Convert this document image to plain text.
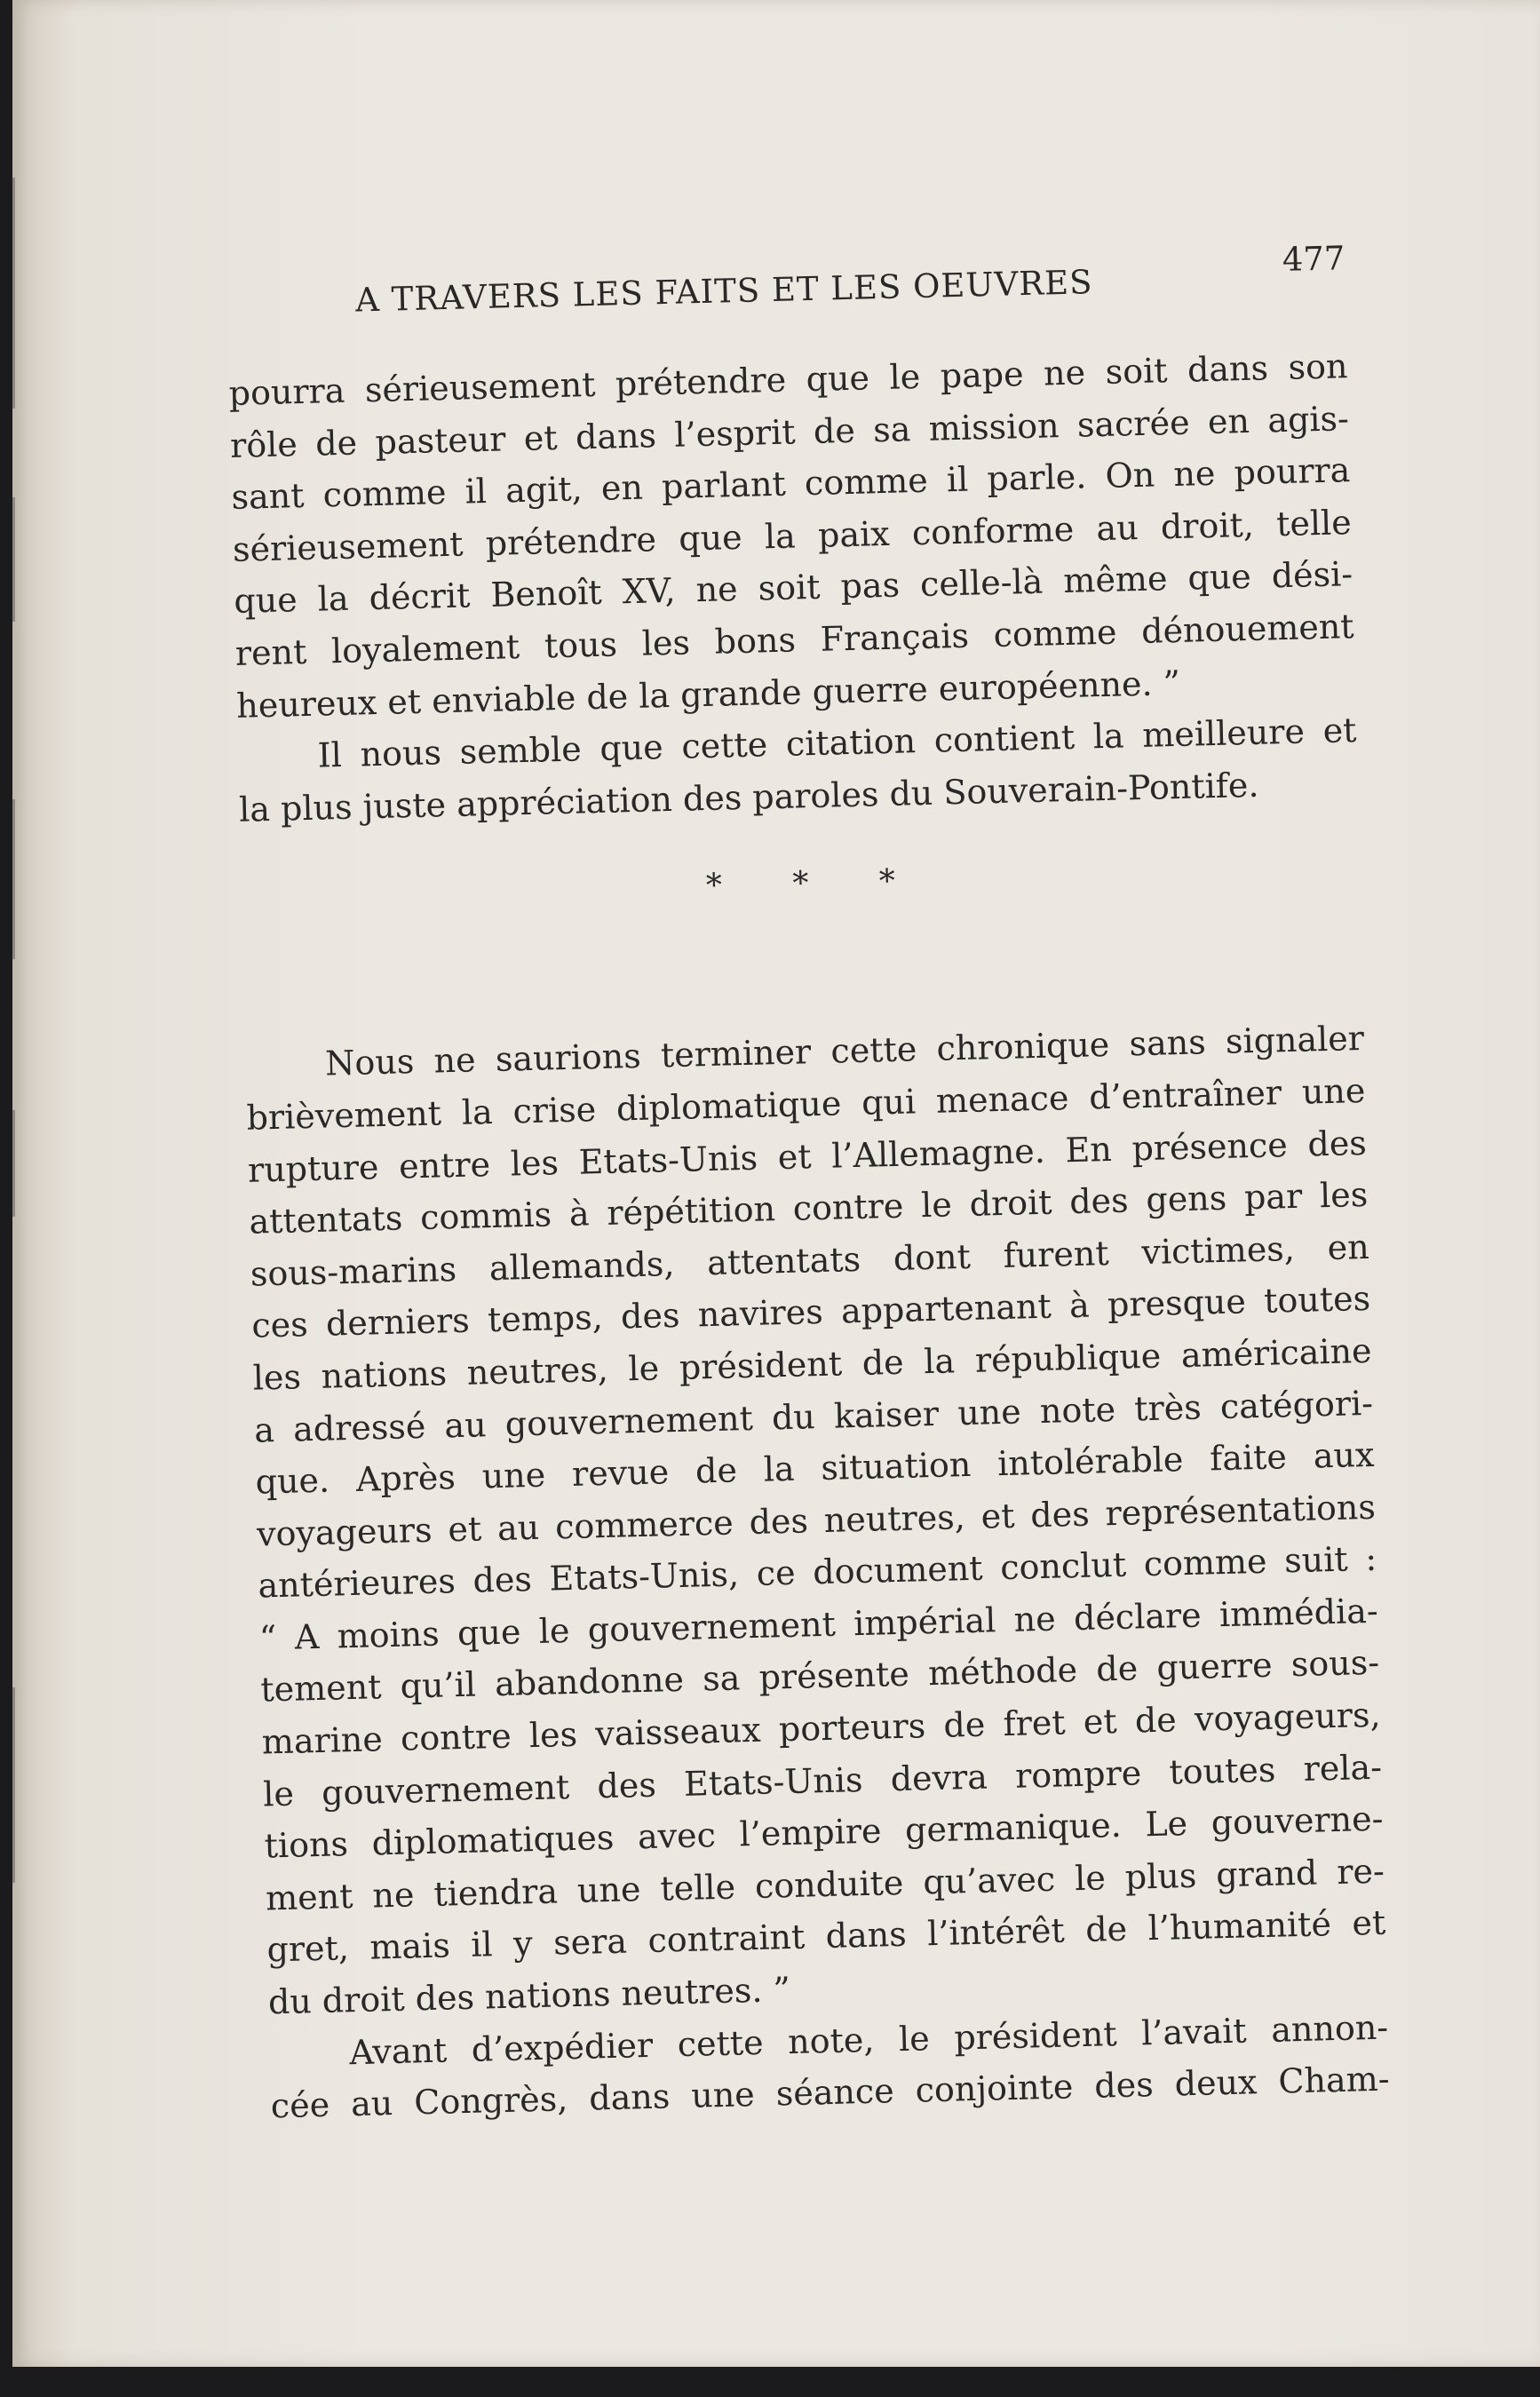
A TRAVERS LES FAITS ET LES OEUVRES
477

pourra sérieusement prétendre que le pape ne soit dans son
rôle de pasteur et dans l’esprit de sa mission sacrée en agis-
sant comme il agit, en parlant comme il parle. On ne pourra
sérieusement prétendre que la paix conforme au droit, telle
que la décrit Benoît XV, ne soit pas celle-là même que dési-
rent loyalement tous les bons Français comme dénouement
heureux et enviable de la grande guerre européenne. ”

Il nous semble que cette citation contient la meilleure et
la plus juste appréciation des paroles du Souverain-Pontife.

* * *

Nous ne saurions terminer cette chronique sans signaler
brièvement la crise diplomatique qui menace d’entraîner une
rupture entre les Etats-Unis et l’Allemagne. En présence des
attentats commis à répétition contre le droit des gens par les
sous-marins allemands, attentats dont furent victimes, en
ces derniers temps, des navires appartenant à presque toutes
les nations neutres, le président de la république américaine
a adressé au gouvernement du kaiser une note très catégori-
que. Après une revue de la situation intolérable faite aux
voyageurs et au commerce des neutres, et des représentations
antérieures des Etats-Unis, ce document conclut comme suit :
“ A moins que le gouvernement impérial ne déclare immédia-
tement qu’il abandonne sa présente méthode de guerre sous-
marine contre les vaisseaux porteurs de fret et de voyageurs,
le gouvernement des Etats-Unis devra rompre toutes rela-
tions diplomatiques avec l’empire germanique. Le gouverne-
ment ne tiendra une telle conduite qu’avec le plus grand re-
gret, mais il y sera contraint dans l’intérêt de l’humanité et
du droit des nations neutres. ”

Avant d’expédier cette note, le président l’avait annon-
cée au Congrès, dans une séance conjointe des deux Cham-
